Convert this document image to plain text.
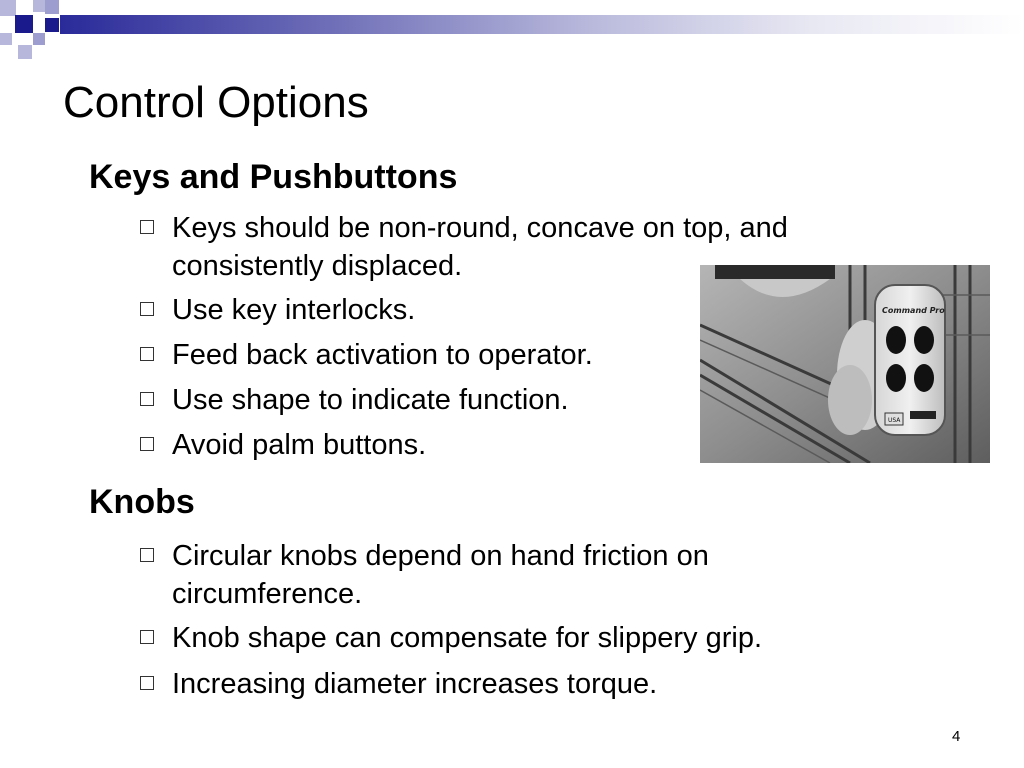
Control Options
Keys and Pushbuttons
Keys should be non-round, concave on top, and consistently displaced.
Use key interlocks.
Feed back activation to operator.
Use shape to indicate function.
Avoid palm buttons.
Knobs
Circular knobs depend on hand friction on circumference.
Knob shape can compensate for slippery grip.
Increasing diameter increases torque.
Command Pro
USA
4
